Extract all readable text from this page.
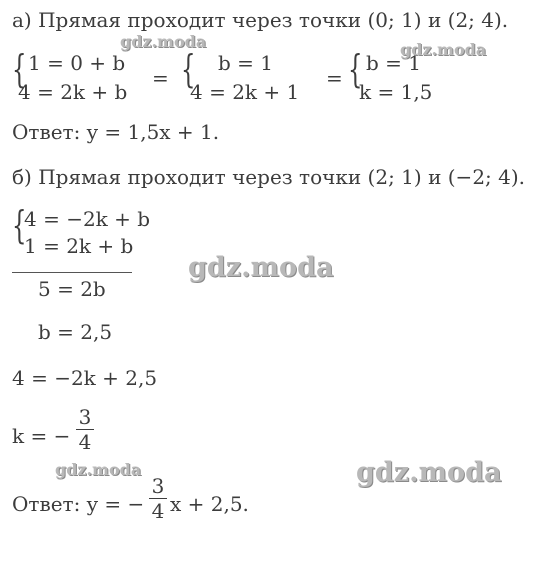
а) Прямая проходит через точки (0; 1) и (2; 4).
{ 1 = 0 + b
4 = 2k + b
= { b = 1
4 = 2k + 1
= { b = 1
k = 1,5
Ответ: y = 1,5x + 1.
б) Прямая проходит через точки (2; 1) и (−2; 4).
{
4 = −2k + b
1 = 2k + b
5 = 2b
b = 2,5
4 = −2k + 2,5
k = −
3
4
Ответ: y = −
3
4 x + 2,5.
gdz.moda	gdz.moda
gdz.moda
gdz.moda	gdz.moda
